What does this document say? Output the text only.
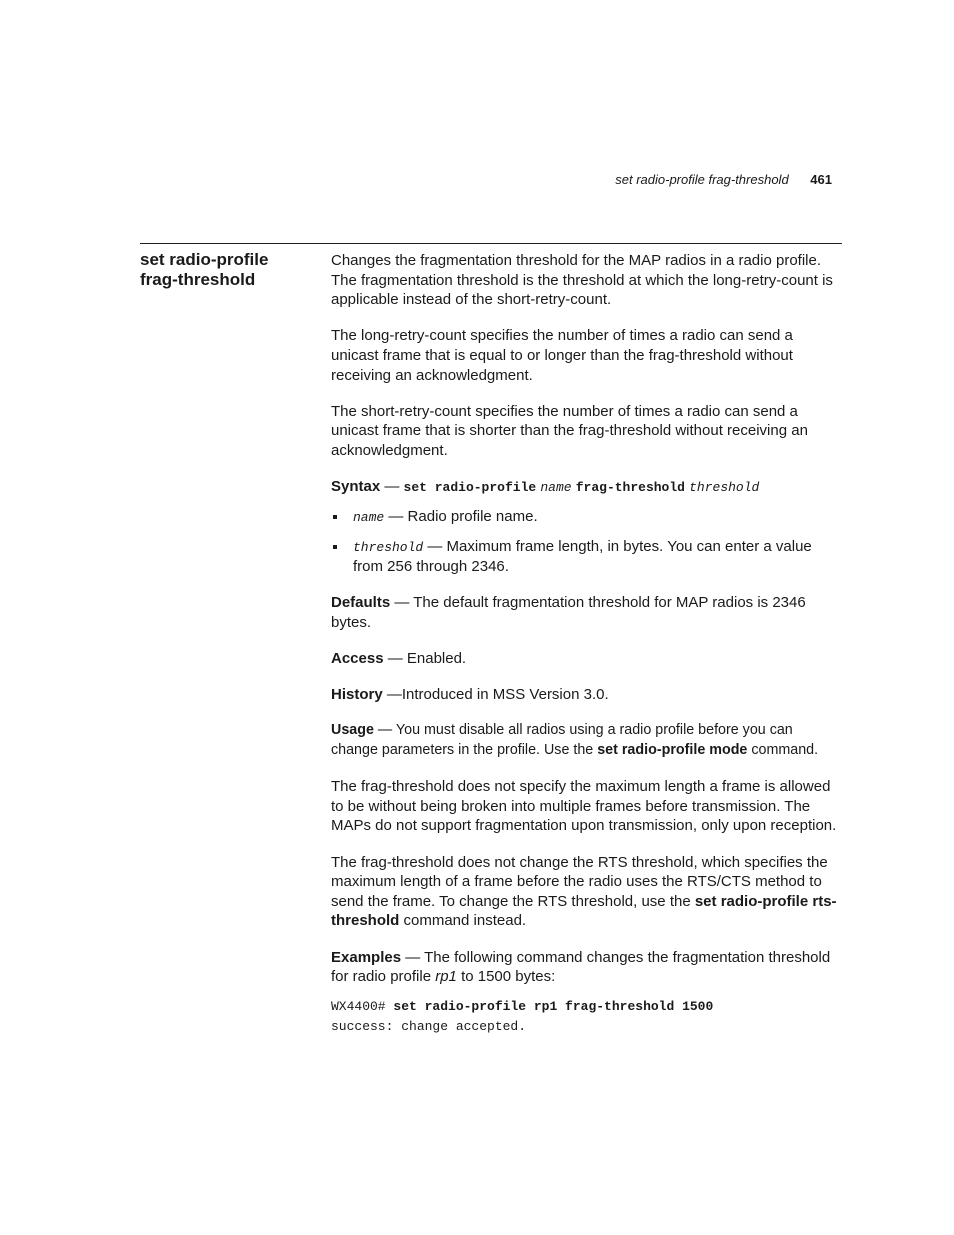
set radio-profile frag-threshold 461
set radio-profile
frag-threshold

Changes the fragmentation threshold for the MAP radios in a radio profile. The fragmentation threshold is the threshold at which the long-retry-count is applicable instead of the short-retry-count.

The long-retry-count specifies the number of times a radio can send a unicast frame that is equal to or longer than the frag-threshold without receiving an acknowledgment.

The short-retry-count specifies the number of times a radio can send a unicast frame that is shorter than the frag-threshold without receiving an acknowledgment.

Syntax — set radio-profile name frag-threshold threshold

name — Radio profile name.
threshold — Maximum frame length, in bytes. You can enter a value from 256 through 2346.

Defaults — The default fragmentation threshold for MAP radios is 2346 bytes.

Access — Enabled.

History —Introduced in MSS Version 3.0.

Usage — You must disable all radios using a radio profile before you can change parameters in the profile. Use the set radio-profile mode command.

The frag-threshold does not specify the maximum length a frame is allowed to be without being broken into multiple frames before transmission. The MAPs do not support fragmentation upon transmission, only upon reception.

The frag-threshold does not change the RTS threshold, which specifies the maximum length of a frame before the radio uses the RTS/CTS method to send the frame. To change the RTS threshold, use the set radio-profile rts-threshold command instead.

Examples — The following command changes the fragmentation threshold for radio profile rp1 to 1500 bytes:

WX4400# set radio-profile rp1 frag-threshold 1500
success: change accepted.
